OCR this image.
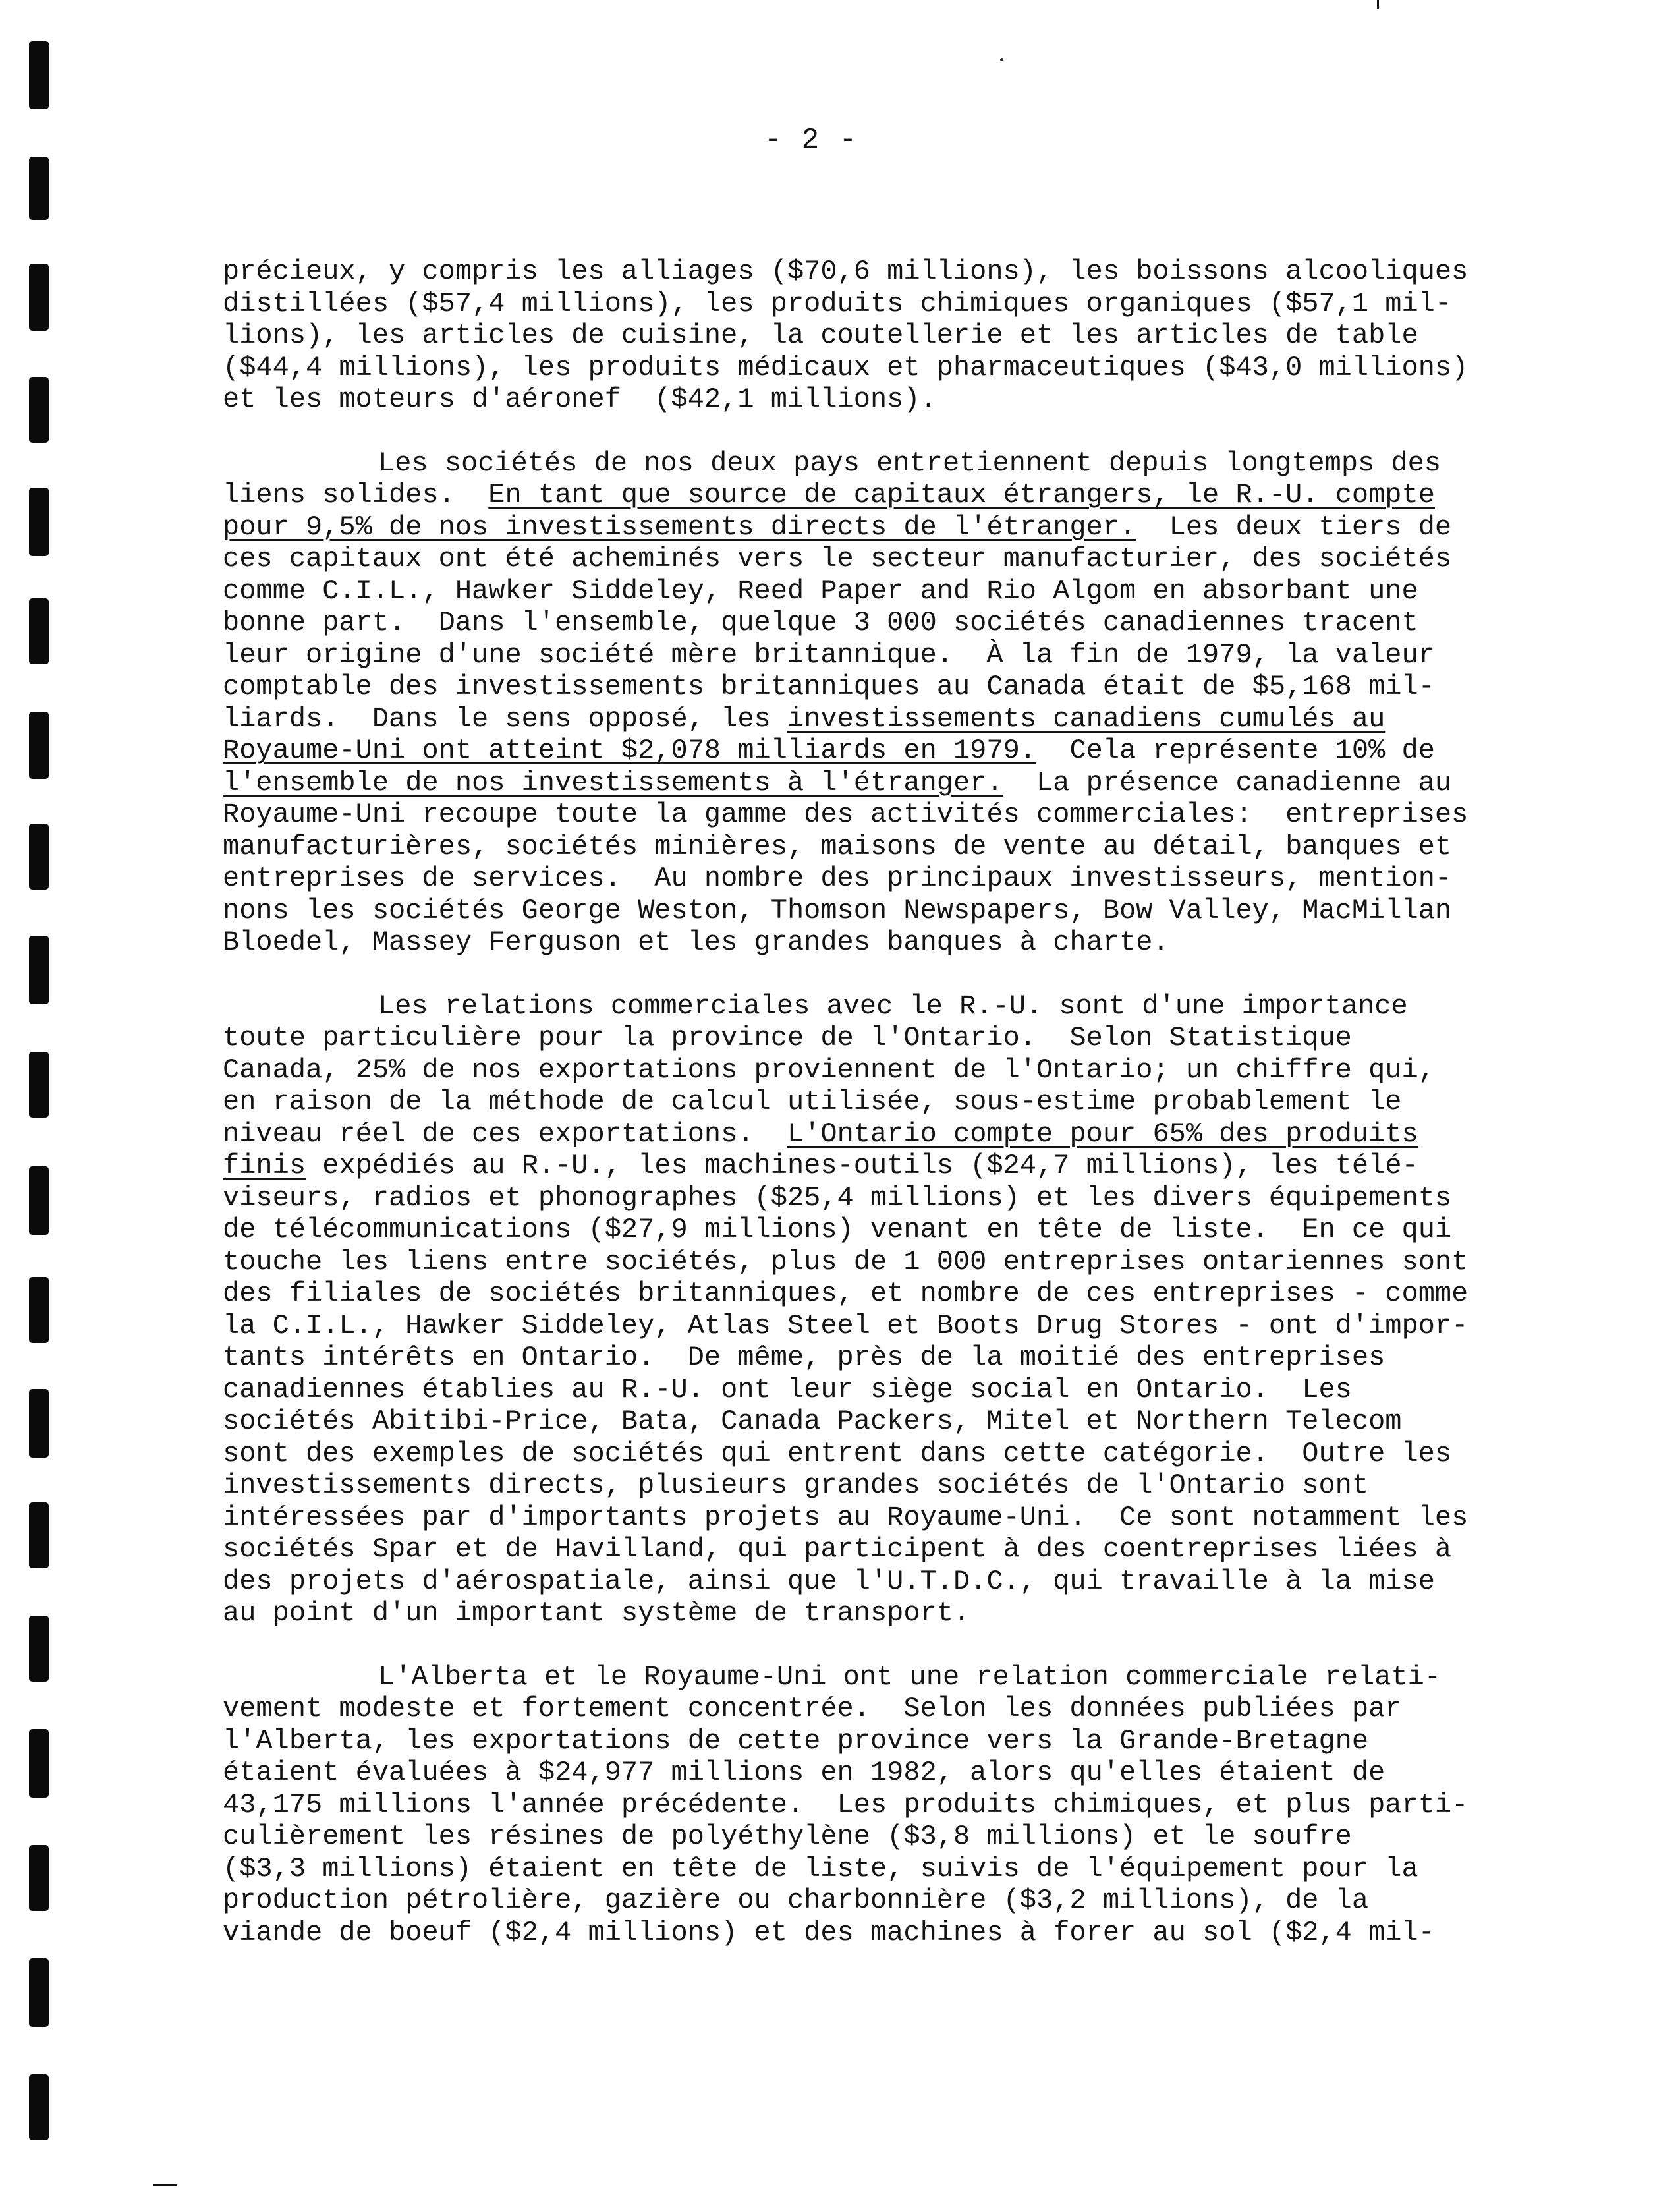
- 2 -
précieux, y compris les alliages ($70,6 millions), les boissons alcooliques
distillées ($57,4 millions), les produits chimiques organiques ($57,1 mil-
lions), les articles de cuisine, la coutellerie et les articles de table
($44,4 millions), les produits médicaux et pharmaceutiques ($43,0 millions)
et les moteurs d'aéronef  ($42,1 millions).
Les sociétés de nos deux pays entretiennent depuis longtemps des
liens solides. En tant que source de capitaux étrangers, le R.-U. compte
pour 9,5% de nos investissements directs de l'étranger. Les deux tiers de
ces capitaux ont été acheminés vers le secteur manufacturier, des sociétés
comme C.I.L., Hawker Siddeley, Reed Paper and Rio Algom en absorbant une
bonne part.  Dans l'ensemble, quelque 3 000 sociétés canadiennes tracent
leur origine d'une société mère britannique.  À la fin de 1979, la valeur
comptable des investissements britanniques au Canada était de $5,168 mil-
liards.  Dans le sens opposé, les investissements canadiens cumulés au
Royaume-Uni ont atteint $2,078 milliards en 1979. Cela représente 10% de
l'ensemble de nos investissements à l'étranger. La présence canadienne au
Royaume-Uni recoupe toute la gamme des activités commerciales:  entreprises
manufacturières, sociétés minières, maisons de vente au détail, banques et
entreprises de services.  Au nombre des principaux investisseurs, mention-
nons les sociétés George Weston, Thomson Newspapers, Bow Valley, MacMillan
Bloedel, Massey Ferguson et les grandes banques à charte.
Les relations commerciales avec le R.-U. sont d'une importance
toute particulière pour la province de l'Ontario.  Selon Statistique
Canada, 25% de nos exportations proviennent de l'Ontario; un chiffre qui,
en raison de la méthode de calcul utilisée, sous-estime probablement le
niveau réel de ces exportations. L'Ontario compte pour 65% des produits
finis expédiés au R.-U., les machines-outils ($24,7 millions), les télé-
viseurs, radios et phonographes ($25,4 millions) et les divers équipements
de télécommunications ($27,9 millions) venant en tête de liste.  En ce qui
touche les liens entre sociétés, plus de 1 000 entreprises ontariennes sont
des filiales de sociétés britanniques, et nombre de ces entreprises - comme
la C.I.L., Hawker Siddeley, Atlas Steel et Boots Drug Stores - ont d'impor-
tants intérêts en Ontario.  De même, près de la moitié des entreprises
canadiennes établies au R.-U. ont leur siège social en Ontario.  Les
sociétés Abitibi-Price, Bata, Canada Packers, Mitel et Northern Telecom
sont des exemples de sociétés qui entrent dans cette catégorie.  Outre les
investissements directs, plusieurs grandes sociétés de l'Ontario sont
intéressées par d'importants projets au Royaume-Uni.  Ce sont notamment les
sociétés Spar et de Havilland, qui participent à des coentreprises liées à
des projets d'aérospatiale, ainsi que l'U.T.D.C., qui travaille à la mise
au point d'un important système de transport.
L'Alberta et le Royaume-Uni ont une relation commerciale relati-
vement modeste et fortement concentrée.  Selon les données publiées par
l'Alberta, les exportations de cette province vers la Grande-Bretagne
étaient évaluées à $24,977 millions en 1982, alors qu'elles étaient de
43,175 millions l'année précédente.  Les produits chimiques, et plus parti-
culièrement les résines de polyéthylène ($3,8 millions) et le soufre
($3,3 millions) étaient en tête de liste, suivis de l'équipement pour la
production pétrolière, gazière ou charbonnière ($3,2 millions), de la
viande de boeuf ($2,4 millions) et des machines à forer au sol ($2,4 mil-
